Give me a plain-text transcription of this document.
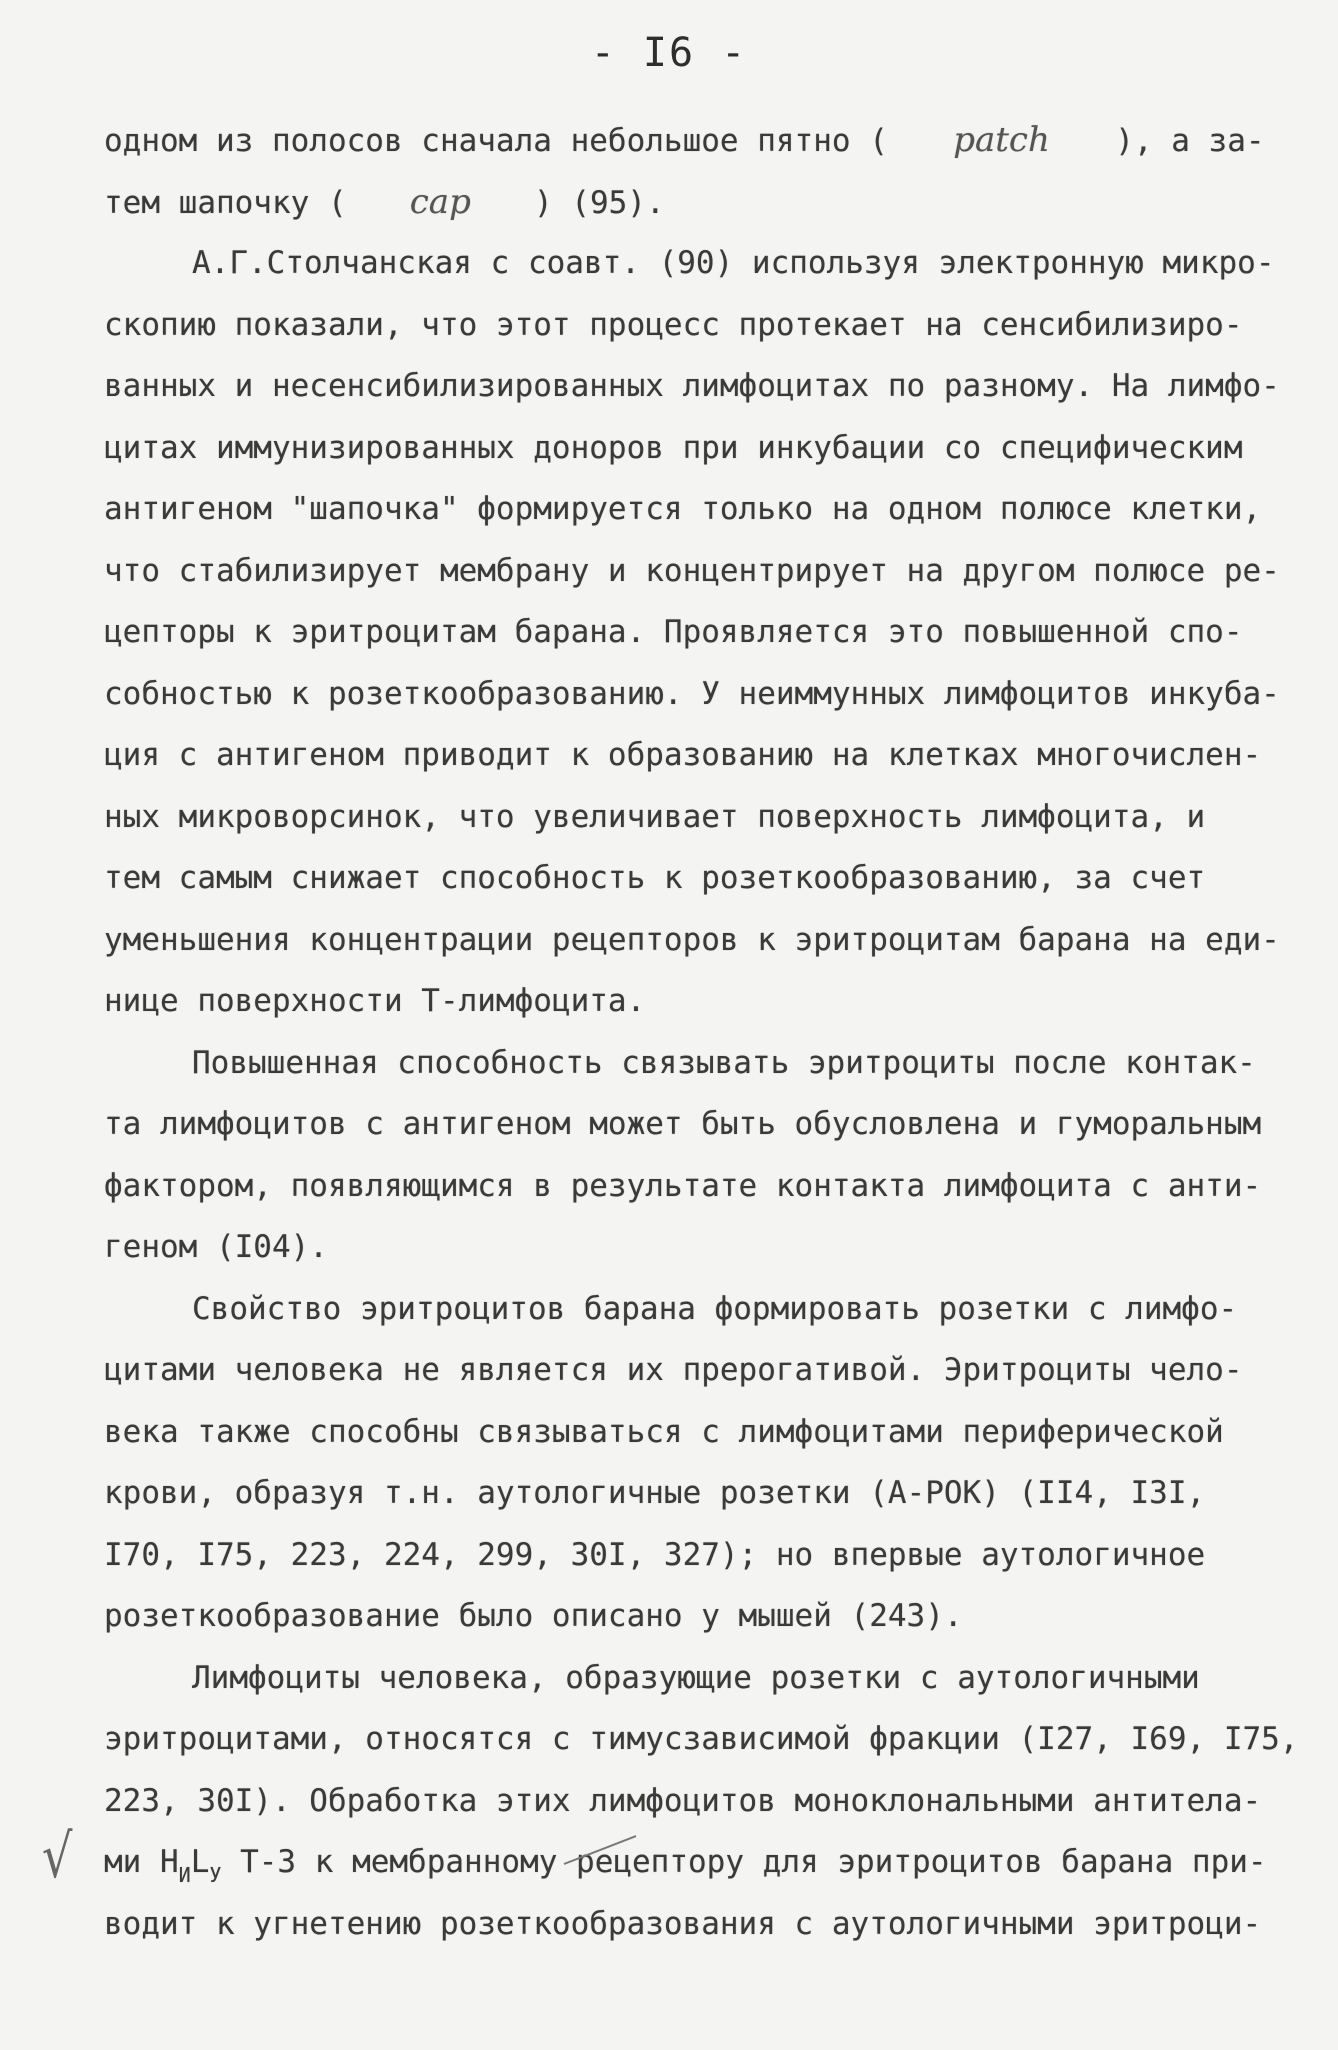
- I6 -
одном из полосов сначала небольшое пятно ( patch ), а за-
тем шапочку ( cap ) (95).
А.Г.Столчанская с соавт. (90) используя электронную микро-
скопию показали, что этот процесс протекает на сенсибилизиро-
ванных и несенсибилизированных лимфоцитах по разному. На лимфо-
цитах иммунизированных доноров при инкубации со специфическим
антигеном "шапочка" формируется только на одном полюсе клетки,
что стабилизирует мембрану и концентрирует на другом полюсе ре-
цепторы к эритроцитам барана. Проявляется это повышенной спо-
собностью к розеткообразованию. У неиммунных лимфоцитов инкуба-
ция с антигеном приводит к образованию на клетках многочислен-
ных микроворсинок, что увеличивает поверхность лимфоцита, и
тем самым снижает способность к розеткообразованию, за счет
уменьшения концентрации рецепторов к эритроцитам барана на еди-
нице поверхности Т-лимфоцита.
Повышенная способность связывать эритроциты после контак-
та лимфоцитов с антигеном может быть обусловлена и гуморальным
фактором, появляющимся в результате контакта лимфоцита с анти-
геном (I04).
Свойство эритроцитов барана формировать розетки с лимфо-
цитами человека не является их прерогативой. Эритроциты чело-
века также способны связываться с лимфоцитами периферической
крови, образуя т.н. аутологичные розетки (А-РОК) (II4, I3I,
I70, I75, 223, 224, 299, 30I, 327); но впервые аутологичное
розеткообразование было описано у мышей (243).
Лимфоциты человека, образующие розетки с аутологичными
эритроцитами, относятся с тимусзависимой фракции (I27, I69, I75,
223, 30I). Обработка этих лимфоцитов моноклональными антитела-
ми $Н_ИL_У$ Т-3 к мембранному рецептору для эритроцитов барана при-
водит к угнетению розеткообразования с аутологичными эритроци-
√
